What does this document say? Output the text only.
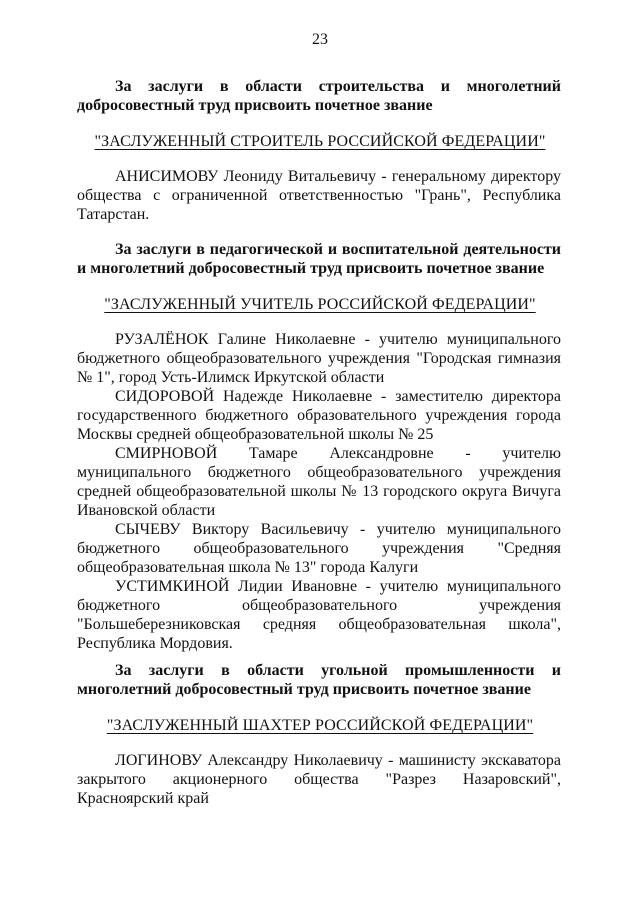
23
За заслуги в области строительства и многолетний добросовестный труд присвоить почетное звание
"ЗАСЛУЖЕННЫЙ СТРОИТЕЛЬ РОССИЙСКОЙ ФЕДЕРАЦИИ"
АНИСИМОВУ Леониду Витальевичу - генеральному директору общества с ограниченной ответственностью "Грань", Республика Татарстан.
За заслуги в педагогической и воспитательной деятельности и многолетний добросовестный труд присвоить почетное звание
"ЗАСЛУЖЕННЫЙ УЧИТЕЛЬ РОССИЙСКОЙ ФЕДЕРАЦИИ"
РУЗАЛЁНОК Галине Николаевне - учителю муниципального бюджетного общеобразовательного учреждения "Городская гимназия № 1", город Усть-Илимск Иркутской области
СИДОРОВОЙ Надежде Николаевне - заместителю директора государственного бюджетного образовательного учреждения города Москвы средней общеобразовательной школы № 25
СМИРНОВОЙ Тамаре Александровне - учителю муниципального бюджетного общеобразовательного учреждения средней общеобразовательной школы № 13 городского округа Вичуга Ивановской области
СЫЧЕВУ Виктору Васильевичу - учителю муниципального бюджетного общеобразовательного учреждения "Средняя общеобразовательная школа № 13" города Калуги
УСТИМКИНОЙ Лидии Ивановне - учителю муниципального бюджетного общеобразовательного учреждения "Большеберезниковская средняя общеобразовательная школа", Республика Мордовия.
За заслуги в области угольной промышленности и многолетний добросовестный труд присвоить почетное звание
"ЗАСЛУЖЕННЫЙ ШАХТЕР РОССИЙСКОЙ ФЕДЕРАЦИИ"
ЛОГИНОВУ Александру Николаевичу - машинисту экскаватора закрытого акционерного общества "Разрез Назаровский", Красноярский край
